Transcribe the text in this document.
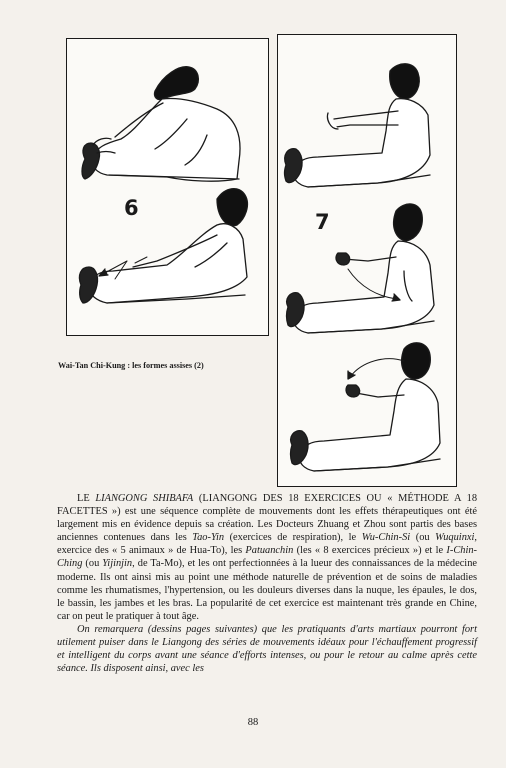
6
7
Wai-Tan Chi-Kung : les formes assises (2)

LE LIANGONG SHIBAFA (LIANGONG DES 18 EXERCICES OU « MÉTHODE A 18 FACETTES ») est une séquence complète de mouvements dont les effets thérapeutiques ont été largement mis en évidence depuis sa création. Les Docteurs Zhuang et Zhou sont partis des bases anciennes contenues dans les Tao-Yin (exercices de respiration), le Wu-Chin-Si (ou Wuquinxi, exercice des « 5 animaux » de Hua-To), les Patuanchin (les « 8 exercices précieux ») et le I-Chin-Ching (ou Yijinjin, de Ta-Mo), et les ont perfectionnées à la lueur des connaissances de la médecine moderne. Ils ont ainsi mis au point une méthode naturelle de prévention et de soins de maladies comme les rhumatismes, l'hypertension, ou les douleurs diverses dans la nuque, les épaules, le dos, le bassin, les jambes et les bras. La popularité de cet exercice est maintenant très grande en Chine, car on peut le pratiquer à tout âge.

On remarquera (dessins pages suivantes) que les pratiquants d'arts martiaux pourront fort utilement puiser dans le Liangong des séries de mouvements idéaux pour l'échauffement progressif et intelligent du corps avant une séance d'efforts intenses, ou pour le retour au calme après cette séance. Ils disposent ainsi, avec les

88
